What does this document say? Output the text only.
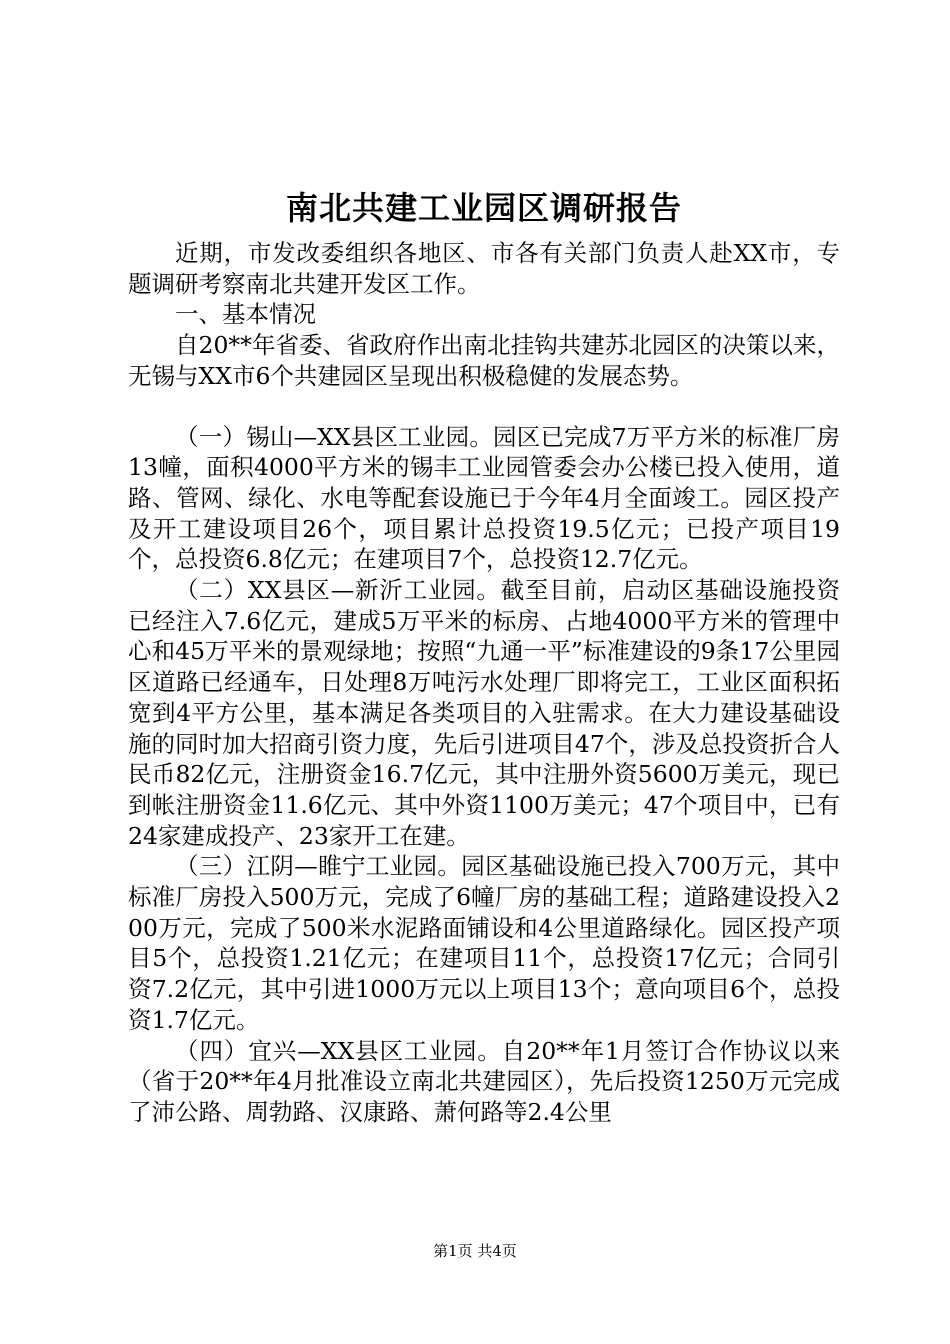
南北共建工业园区调研报告

近期，市发改委组织各地区、市各有关部门负责人赴XX市，专题调研考察南北共建开发区工作。

一、基本情况

自20**年省委、省政府作出南北挂钩共建苏北园区的决策以来，无锡与XX市6个共建园区呈现出积极稳健的发展态势。

（一）锡山—XX县区工业园。园区已完成7万平方米的标准厂房13幢，面积4000平方米的锡丰工业园管委会办公楼已投入使用，道路、管网、绿化、水电等配套设施已于今年4月全面竣工。园区投产及开工建设项目26个，项目累计总投资19.5亿元；已投产项目19个，总投资6.8亿元；在建项目7个，总投资12.7亿元。

（二）XX县区—新沂工业园。截至目前，启动区基础设施投资已经注入7.6亿元，建成5万平米的标房、占地4000平方米的管理中心和45万平米的景观绿地；按照“九通一平”标准建设的9条17公里园区道路已经通车，日处理8万吨污水处理厂即将完工，工业区面积拓宽到4平方公里，基本满足各类项目的入驻需求。在大力建设基础设施的同时加大招商引资力度，先后引进项目47个，涉及总投资折合人民币82亿元，注册资金16.7亿元，其中注册外资5600万美元，现已到帐注册资金11.6亿元、其中外资1100万美元；47个项目中，已有24家建成投产、23家开工在建。

（三）江阴—睢宁工业园。园区基础设施已投入700万元，其中标准厂房投入500万元，完成了6幢厂房的基础工程；道路建设投入200万元，完成了500米水泥路面铺设和4公里道路绿化。园区投产项目5个，总投资1.21亿元；在建项目11个，总投资17亿元；合同引资7.2亿元，其中引进1000万元以上项目13个；意向项目6个，总投资1.7亿元。

（四）宜兴—XX县区工业园。自20**年1月签订合作协议以来（省于20**年4月批准设立南北共建园区），先后投资1250万元完成了沛公路、周勃路、汉康路、萧何路等2.4公里

第1页 共4页
